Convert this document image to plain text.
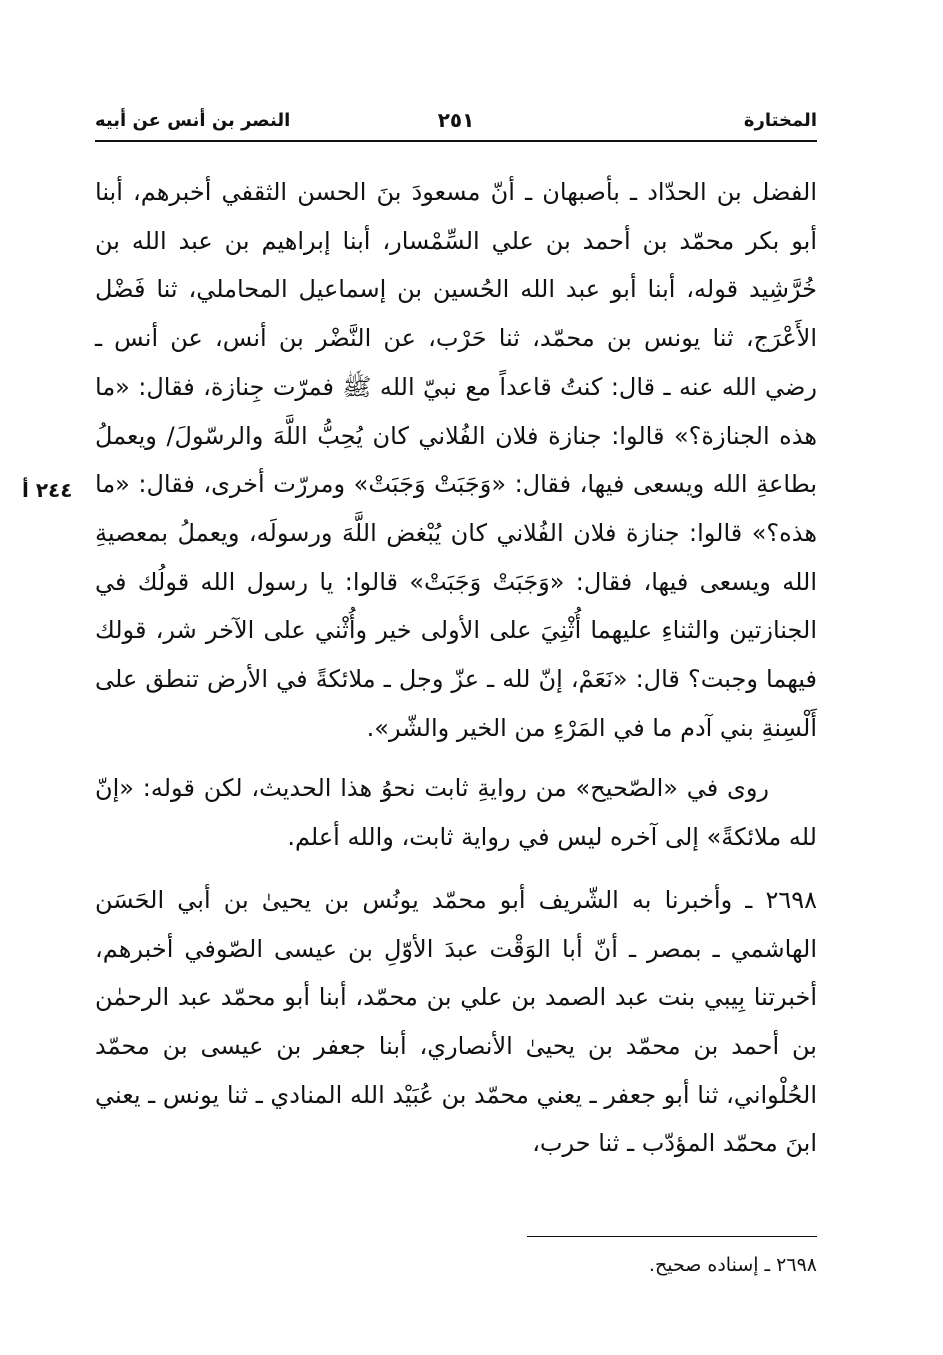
المختارة
٢٥١
النصر بن أنس عن أبيه
٢٤٤ أ

الفضل بن الحدّاد ـ بأصبهان ـ أنّ مسعودَ بنَ الحسن الثقفي أخبرهم، أبنا أبو بكر محمّد بن أحمد بن علي السِّمْسار، أبنا إبراهيم بن عبد الله بن خُرَّشِيد قوله، أبنا أبو عبد الله الحُسين بن إسماعيل المحاملي، ثنا فَضْل الأَعْرَج، ثنا يونس بن محمّد، ثنا حَرْب، عن النَّضْر بن أنس، عن أنس ـ رضي الله عنه ـ قال: كنتُ قاعداً مع نبيّ الله ﷺ فمرّت جِنازة، فقال: «ما هذه الجنازة؟» قالوا: جنازة فلان الفُلاني كان يُحِبُّ اللَّهَ والرسّولَ/ ويعملُ بطاعةِ الله ويسعى فيها، فقال: «وَجَبَتْ وَجَبَتْ» ومررّت أخرى، فقال: «ما هذه؟» قالوا: جنازة فلان الفُلاني كان يُبْغض اللَّهَ ورسولَه، ويعملُ بمعصيةِ الله ويسعى فيها، فقال: «وَجَبَتْ وَجَبَتْ» قالوا: يا رسول الله قولُك في الجنازتين والثناءِ عليهما أُثْنِيَ على الأولى خير وأُثْني على الآخر شر، قولك فيهما وجبت؟ قال: «نَعَمْ، إنّ لله ـ عزّ وجل ـ ملائكةً في الأرض تنطق على أَلْسِنةِ بني آدم ما في المَرْءِ من الخير والشّر».

روى في «الصّحيح» من روايةِ ثابت نحوُ هذا الحديث، لكن قوله: «إنّ لله ملائكةً» إلى آخره ليس في رواية ثابت، والله أعلم.

٢٦٩٨ ـ وأخبرنا به الشّريف أبو محمّد يونُس بن يحيىٰ بن أبي الحَسَن الهاشمي ـ بمصر ـ أنّ أبا الوَقْت عبدَ الأوّلِ بن عيسى الصّوفي أخبرهم، أخبرتنا بِيبي بنت عبد الصمد بن علي بن محمّد، أبنا أبو محمّد عبد الرحمٰن بن أحمد بن محمّد بن يحيىٰ الأنصاري، أبنا جعفر بن عيسى بن محمّد الحُلْواني، ثنا أبو جعفر ـ يعني محمّد بن عُبَيْد الله المنادي ـ ثنا يونس ـ يعني ابنَ محمّد المؤدّب ـ ثنا حرب،

٢٦٩٨ ـ إسناده صحيح.
